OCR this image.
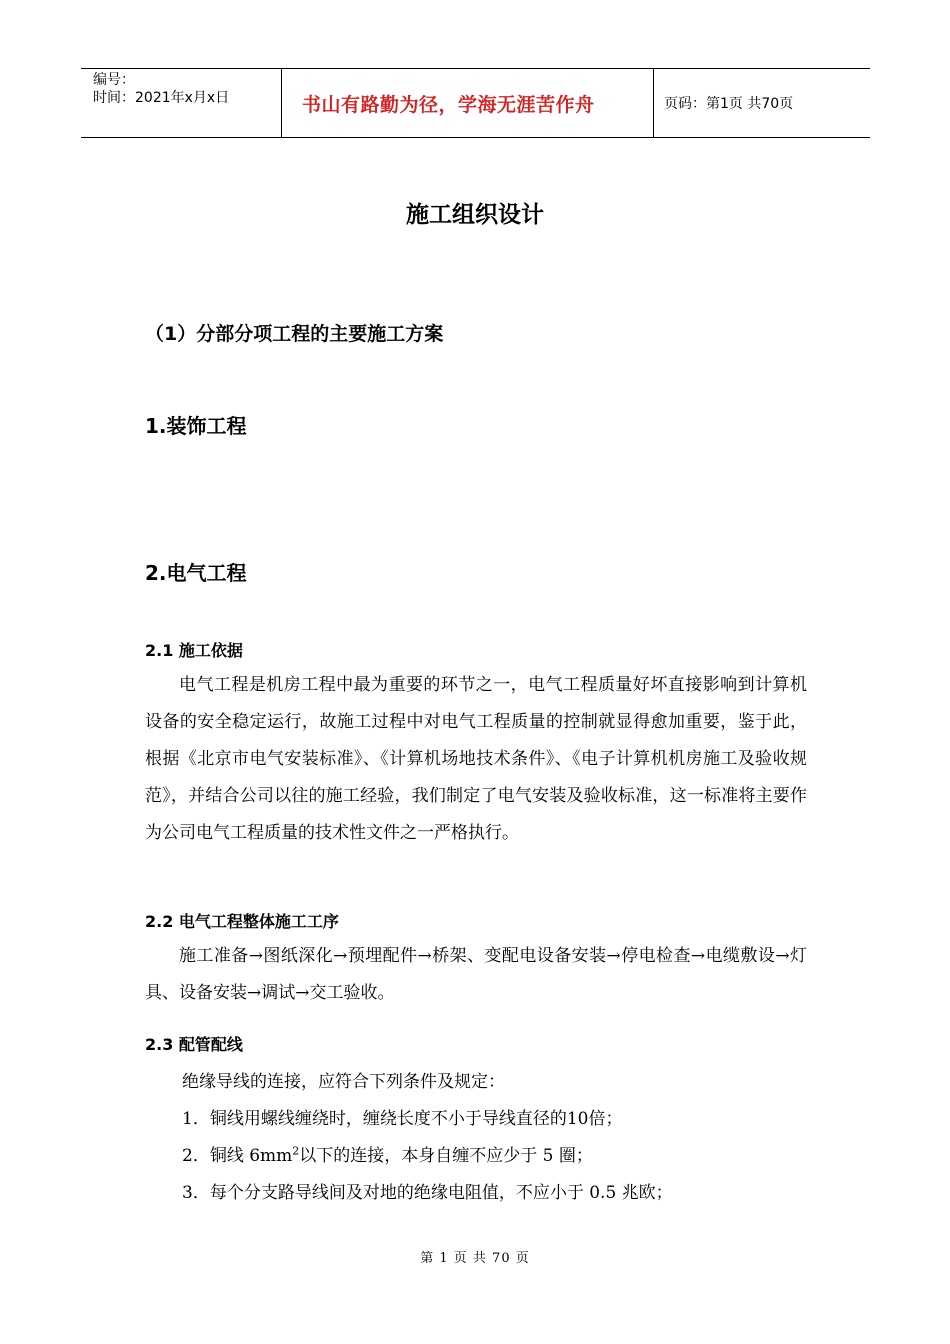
编号：
时间：2021年x月x日	书山有路勤为径，学海无涯苦作舟	页码：第1页 共70页
施工组织设计
（1）分部分项工程的主要施工方案
1.装饰工程
2.电气工程
2.1 施工依据

电气工程是机房工程中最为重要的环节之一，电气工程质量好坏直接影响到计算机设备的安全稳定运行，故施工过程中对电气工程质量的控制就显得愈加重要，鉴于此，根据《北京市电气安装标准》、《计算机场地技术条件》、《电子计算机机房施工及验收规范》，并结合公司以往的施工经验，我们制定了电气安装及验收标准，这一标准将主要作为公司电气工程质量的技术性文件之一严格执行。

2.2 电气工程整体施工工序

施工准备→图纸深化→预埋配件→桥架、变配电设备安装→停电检查→电缆敷设→灯具、设备安装→调试→交工验收。

2.3 配管配线
绝缘导线的连接，应符合下列条件及规定：
1．铜线用螺线缠绕时，缠绕长度不小于导线直径的10倍；
2．铜线 $6mm^2$以下的连接，本身自缠不应少于 5 圈；
3．每个分支路导线间及对地的绝缘电阻值，不应小于 0.5 兆欧；
第 1 页 共 70 页
